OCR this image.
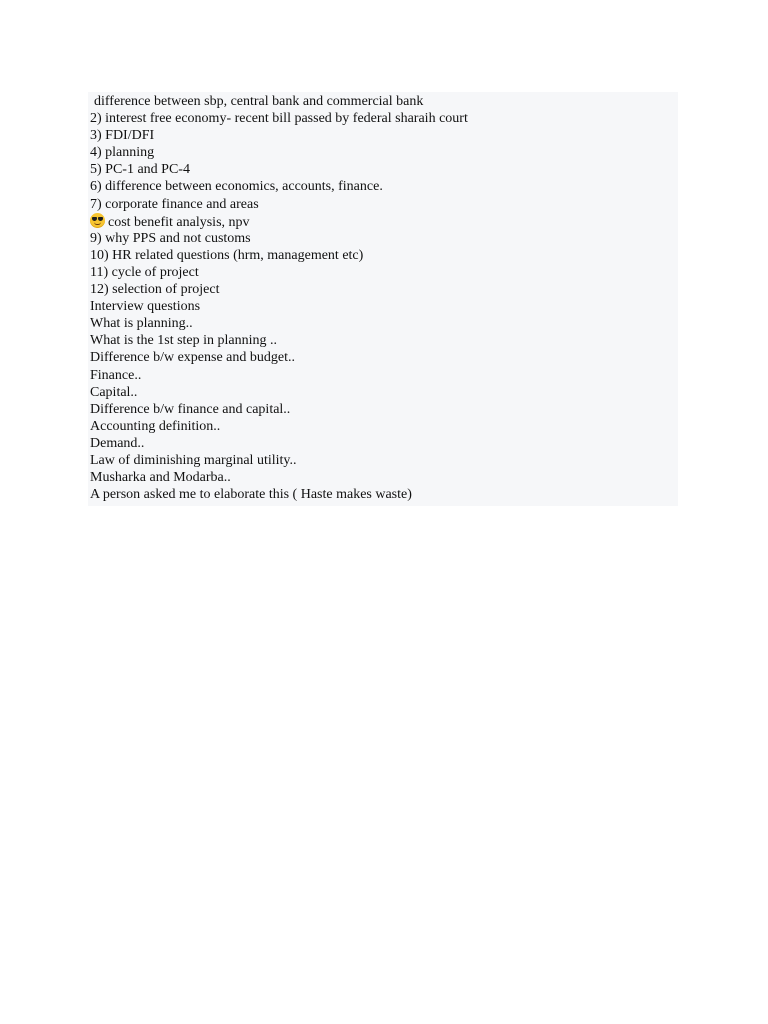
difference between sbp, central bank and commercial bank
2) interest free economy- recent bill passed by federal sharaih court
3) FDI/DFI
4) planning
5) PC-1 and PC-4
6) difference between economics, accounts, finance.
7) corporate finance and areas
cost benefit analysis, npv
9) why PPS and not customs
10) HR related questions (hrm, management etc)
11) cycle of project
12) selection of project
Interview questions
What is planning..
What is the 1st step in planning ..
Difference b/w expense and budget..
Finance..
Capital..
Difference b/w finance and capital..
Accounting definition..
Demand..
Law of diminishing marginal utility..
Musharka and Modarba..
A person asked me to elaborate this ( Haste makes waste)
